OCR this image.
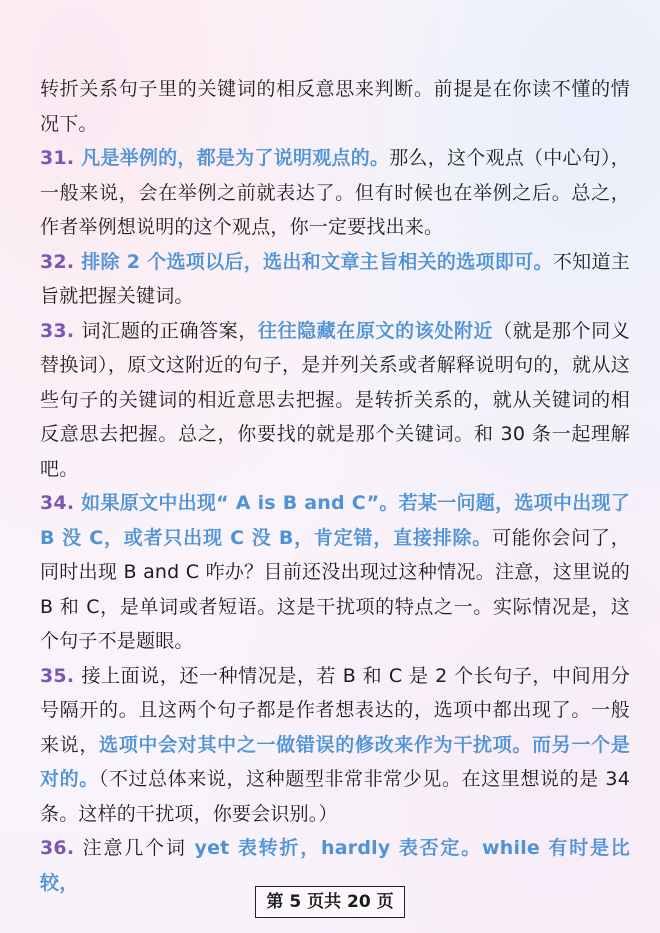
转折关系句子里的关键词的相反意思来判断。前提是在你读不懂的情况下。

31. 凡是举例的，都是为了说明观点的。那么，这个观点（中心句），一般来说，会在举例之前就表达了。但有时候也在举例之后。总之，作者举例想说明的这个观点，你一定要找出来。

32. 排除 2 个选项以后，选出和文章主旨相关的选项即可。不知道主旨就把握关键词。

33. 词汇题的正确答案，往往隐藏在原文的该处附近（就是那个同义替换词），原文这附近的句子，是并列关系或者解释说明句的，就从这些句子的关键词的相近意思去把握。是转折关系的，就从关键词的相反意思去把握。总之，你要找的就是那个关键词。和 30 条一起理解吧。

34. 如果原文中出现“ A is B and C”。若某一问题，选项中出现了 B 没 C，或者只出现 C 没 B，肯定错，直接排除。可能你会问了，同时出现 B and C 咋办？目前还没出现过这种情况。注意，这里说的 B 和 C，是单词或者短语。这是干扰项的特点之一。实际情况是，这个句子不是题眼。

35. 接上面说，还一种情况是，若 B 和 C 是 2 个长句子，中间用分号隔开的。且这两个句子都是作者想表达的，选项中都出现了。一般来说，选项中会对其中之一做错误的修改来作为干扰项。而另一个是对的。（不过总体来说，这种题型非常非常少见。在这里想说的是 34 条。这样的干扰项，你要会识别。）

36. 注意几个词 yet 表转折，hardly 表否定。while 有时是比较，

第 5 页共 20 页
